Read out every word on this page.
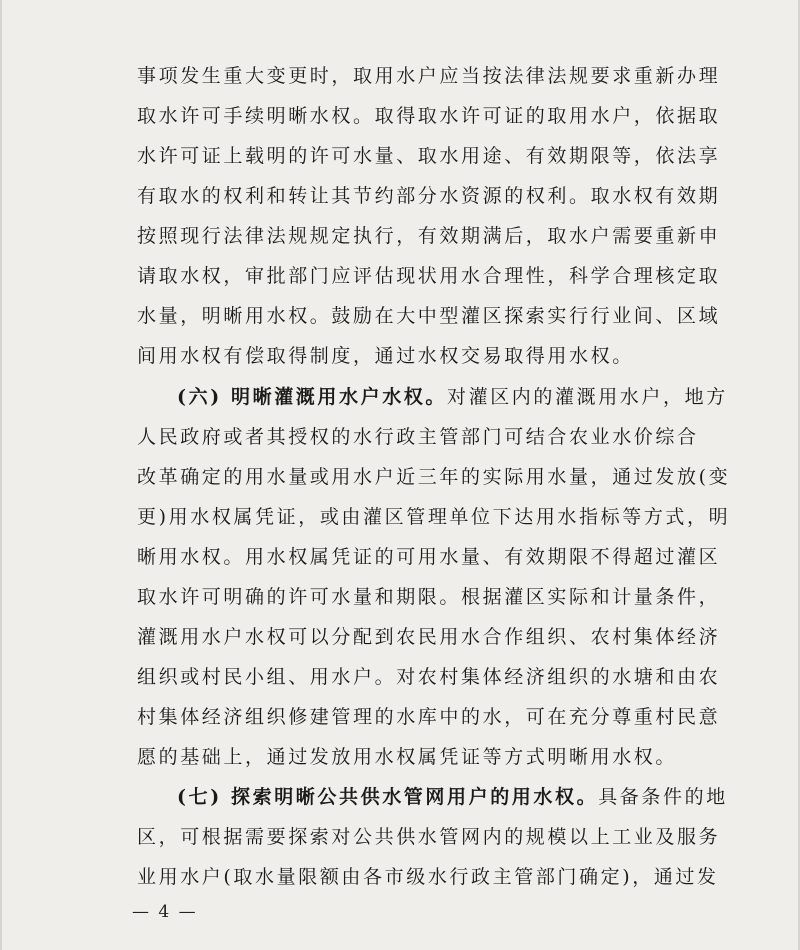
事项发生重大变更时，取用水户应当按法律法规要求重新办理
取水许可手续明晰水权。取得取水许可证的取用水户，依据取
水许可证上载明的许可水量、取水用途、有效期限等，依法享
有取水的权利和转让其节约部分水资源的权利。取水权有效期
按照现行法律法规规定执行，有效期满后，取水户需要重新申
请取水权，审批部门应评估现状用水合理性，科学合理核定取
水量，明晰用水权。鼓励在大中型灌区探索实行行业间、区域
间用水权有偿取得制度，通过水权交易取得用水权。
(六) 明晰灌溉用水户水权。对灌区内的灌溉用水户，地方
人民政府或者其授权的水行政主管部门可结合农业水价综合
改革确定的用水量或用水户近三年的实际用水量，通过发放(变
更)用水权属凭证，或由灌区管理单位下达用水指标等方式，明
晰用水权。用水权属凭证的可用水量、有效期限不得超过灌区
取水许可明确的许可水量和期限。根据灌区实际和计量条件，
灌溉用水户水权可以分配到农民用水合作组织、农村集体经济
组织或村民小组、用水户。对农村集体经济组织的水塘和由农
村集体经济组织修建管理的水库中的水，可在充分尊重村民意
愿的基础上，通过发放用水权属凭证等方式明晰用水权。
(七) 探索明晰公共供水管网用户的用水权。具备条件的地
区，可根据需要探索对公共供水管网内的规模以上工业及服务
业用水户(取水量限额由各市级水行政主管部门确定)，通过发
— 4 —
